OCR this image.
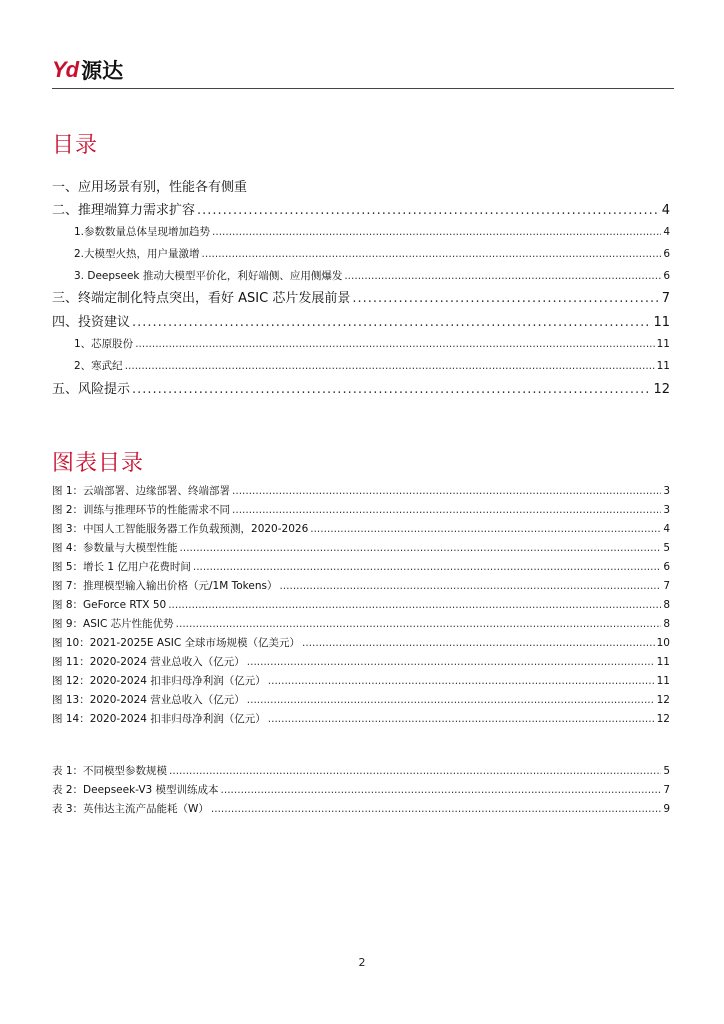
Yd 源达
目录
一、应用场景有别，性能各有侧重
二、推理端算力需求扩容 .....	4
1.参数数量总体呈现增加趋势 .....	4
2.大模型火热，用户量激增 .....	6
3. Deepseek 推动大模型平价化，利好端侧、应用侧爆发 .....	6
三、终端定制化特点突出，看好 ASIC 芯片发展前景 .....	7
四、投资建议 .....	11
1、芯原股份 .....	11
2、寒武纪 .....	11
五、风险提示 .....	12
图表目录
图 1：云端部署、边缘部署、终端部署 .....	3
图 2：训练与推理环节的性能需求不同 .....	3
图 3：中国人工智能服务器工作负载预测，2020-2026 .....	4
图 4：参数量与大模型性能 .....	5
图 5：增长 1 亿用户花费时间 .....	6
图 7：推理模型输入输出价格（元/1M Tokens） .....	7
图 8：GeForce RTX 50 .....	8
图 9：ASIC 芯片性能优势 .....	8
图 10：2021-2025E ASIC 全球市场规模（亿美元） .....	10
图 11：2020-2024 营业总收入（亿元） .....	11
图 12：2020-2024 扣非归母净利润（亿元） .....	11
图 13：2020-2024 营业总收入（亿元） .....	12
图 14：2020-2024 扣非归母净利润（亿元） .....	12
表 1：不同模型参数规模 .....	5
表 2：Deepseek-V3 模型训练成本 .....	7
表 3：英伟达主流产品能耗（W） .....	9
2
